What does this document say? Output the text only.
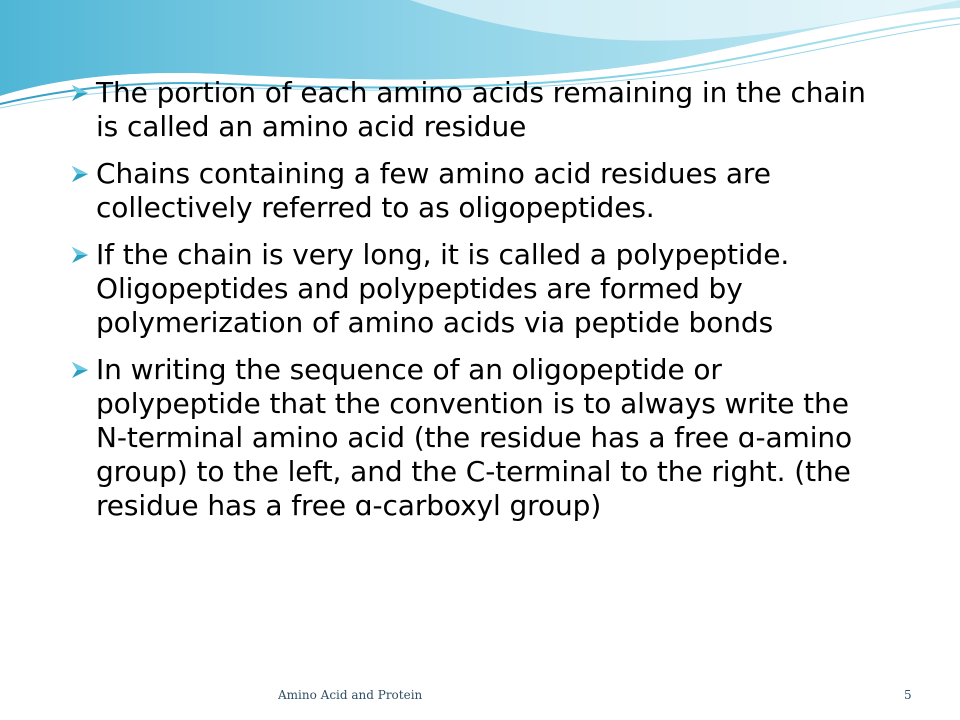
The portion of each amino acids remaining in the chain is called an amino acid residue
Chains containing a few amino acid residues are collectively referred to as oligopeptides.
If the chain is very long, it is called a polypeptide. Oligopeptides and polypeptides are formed by polymerization of amino acids via peptide bonds
In writing the sequence of an oligopeptide or polypeptide that the convention is to always write the N-terminal amino acid (the residue has a free ɑ-amino group) to the left, and the C-terminal to the right. (the residue has a free ɑ-carboxyl group)
Amino Acid and Protein	5
